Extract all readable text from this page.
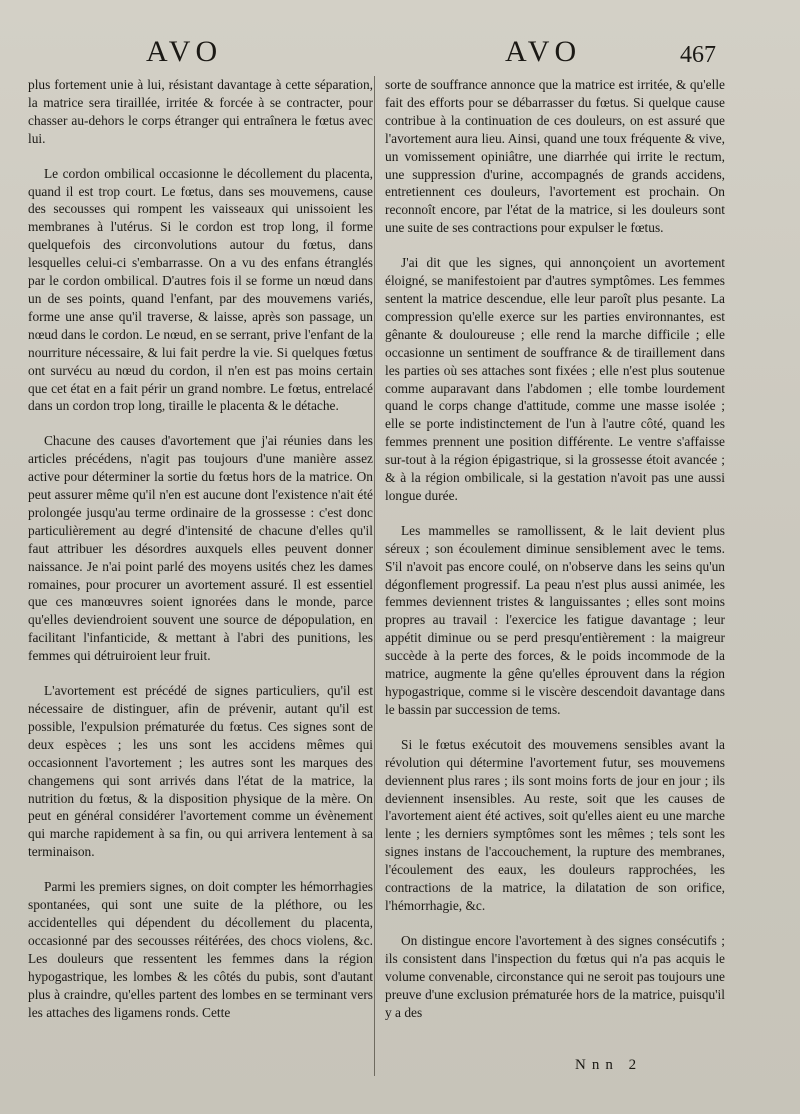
AVO	AVO	467

plus fortement unie à lui, résistant davantage à cette séparation, la matrice sera tiraillée, irritée & forcée à se contracter, pour chasser au-dehors le corps étranger qui entraînera le fœtus avec lui.

Le cordon ombilical occasionne le décollement du placenta, quand il est trop court. Le fœtus, dans ses mouvemens, cause des secousses qui rompent les vaisseaux qui unissoient les membranes à l'utérus. Si le cordon est trop long, il forme quelquefois des circonvolutions autour du fœtus, dans lesquelles celui-ci s'embarrasse. On a vu des enfans étranglés par le cordon ombilical. D'autres fois il se forme un nœud dans un de ses points, quand l'enfant, par des mouvemens variés, forme une anse qu'il traverse, & laisse, après son passage, un nœud dans le cordon. Le nœud, en se serrant, prive l'enfant de la nourriture nécessaire, & lui fait perdre la vie. Si quelques fœtus ont survécu au nœud du cordon, il n'en est pas moins certain que cet état en a fait périr un grand nombre. Le fœtus, entrelacé dans un cordon trop long, tiraille le placenta & le détache.

Chacune des causes d'avortement que j'ai réunies dans les articles précédens, n'agit pas toujours d'une manière assez active pour déterminer la sortie du fœtus hors de la matrice. On peut assurer même qu'il n'en est aucune dont l'existence n'ait été prolongée jusqu'au terme ordinaire de la grossesse : c'est donc particulièrement au degré d'intensité de chacune d'elles qu'il faut attribuer les désordres auxquels elles peuvent donner naissance. Je n'ai point parlé des moyens usités chez les dames romaines, pour procurer un avortement assuré. Il est essentiel que ces manœuvres soient ignorées dans le monde, parce qu'elles deviendroient souvent une source de dépopulation, en facilitant l'infanticide, & mettant à l'abri des punitions, les femmes qui détruiroient leur fruit.

L'avortement est précédé de signes particuliers, qu'il est nécessaire de distinguer, afin de prévenir, autant qu'il est possible, l'expulsion prématurée du fœtus. Ces signes sont de deux espèces ; les uns sont les accidens mêmes qui occasionnent l'avortement ; les autres sont les marques des changemens qui sont arrivés dans l'état de la matrice, la nutrition du fœtus, & la disposition physique de la mère. On peut en général considérer l'avortement comme un évènement qui marche rapidement à sa fin, ou qui arrivera lentement à sa terminaison.

Parmi les premiers signes, on doit compter les hémorrhagies spontanées, qui sont une suite de la pléthore, ou les accidentelles qui dépendent du décollement du placenta, occasionné par des secousses réitérées, des chocs violens, &c. Les douleurs que ressentent les femmes dans la région hypogastrique, les lombes & les côtés du pubis, sont d'autant plus à craindre, qu'elles partent des lombes en se terminant vers les attaches des ligamens ronds. Cette

sorte de souffrance annonce que la matrice est irritée, & qu'elle fait des efforts pour se débarrasser du fœtus. Si quelque cause contribue à la continuation de ces douleurs, on est assuré que l'avortement aura lieu. Ainsi, quand une toux fréquente & vive, un vomissement opiniâtre, une diarrhée qui irrite le rectum, une suppression d'urine, accompagnés de grands accidens, entretiennent ces douleurs, l'avortement est prochain. On reconnoît encore, par l'état de la matrice, si les douleurs sont une suite de ses contractions pour expulser le fœtus.

J'ai dit que les signes, qui annonçoient un avortement éloigné, se manifestoient par d'autres symptômes. Les femmes sentent la matrice descendue, elle leur paroît plus pesante. La compression qu'elle exerce sur les parties environnantes, est gênante & douloureuse ; elle rend la marche difficile ; elle occasionne un sentiment de souffrance & de tiraillement dans les parties où ses attaches sont fixées ; elle n'est plus soutenue comme auparavant dans l'abdomen ; elle tombe lourdement quand le corps change d'attitude, comme une masse isolée ; elle se porte indistinctement de l'un à l'autre côté, quand les femmes prennent une position différente. Le ventre s'affaisse sur-tout à la région épigastrique, si la grossesse étoit avancée ; & à la région ombilicale, si la gestation n'avoit pas une aussi longue durée.

Les mammelles se ramollissent, & le lait devient plus séreux ; son écoulement diminue sensiblement avec le tems. S'il n'avoit pas encore coulé, on n'observe dans les seins qu'un dégonflement progressif. La peau n'est plus aussi animée, les femmes deviennent tristes & languissantes ; elles sont moins propres au travail : l'exercice les fatigue davantage ; leur appétit diminue ou se perd presqu'entièrement : la maigreur succède à la perte des forces, & le poids incommode de la matrice, augmente la gêne qu'elles éprouvent dans la région hypogastrique, comme si le viscère descendoit davantage dans le bassin par succession de tems.

Si le fœtus exécutoit des mouvemens sensibles avant la révolution qui détermine l'avortement futur, ses mouvemens deviennent plus rares ; ils sont moins forts de jour en jour ; ils deviennent insensibles. Au reste, soit que les causes de l'avortement aient été actives, soit qu'elles aient eu une marche lente ; les derniers symptômes sont les mêmes ; tels sont les signes instans de l'accouchement, la rupture des membranes, l'écoulement des eaux, les douleurs rapprochées, les contractions de la matrice, la dilatation de son orifice, l'hémorrhagie, &c.

On distingue encore l'avortement à des signes consécutifs ; ils consistent dans l'inspection du fœtus qui n'a pas acquis le volume convenable, circonstance qui ne seroit pas toujours une preuve d'une exclusion prématurée hors de la matrice, puisqu'il y a des

Nnn 2
